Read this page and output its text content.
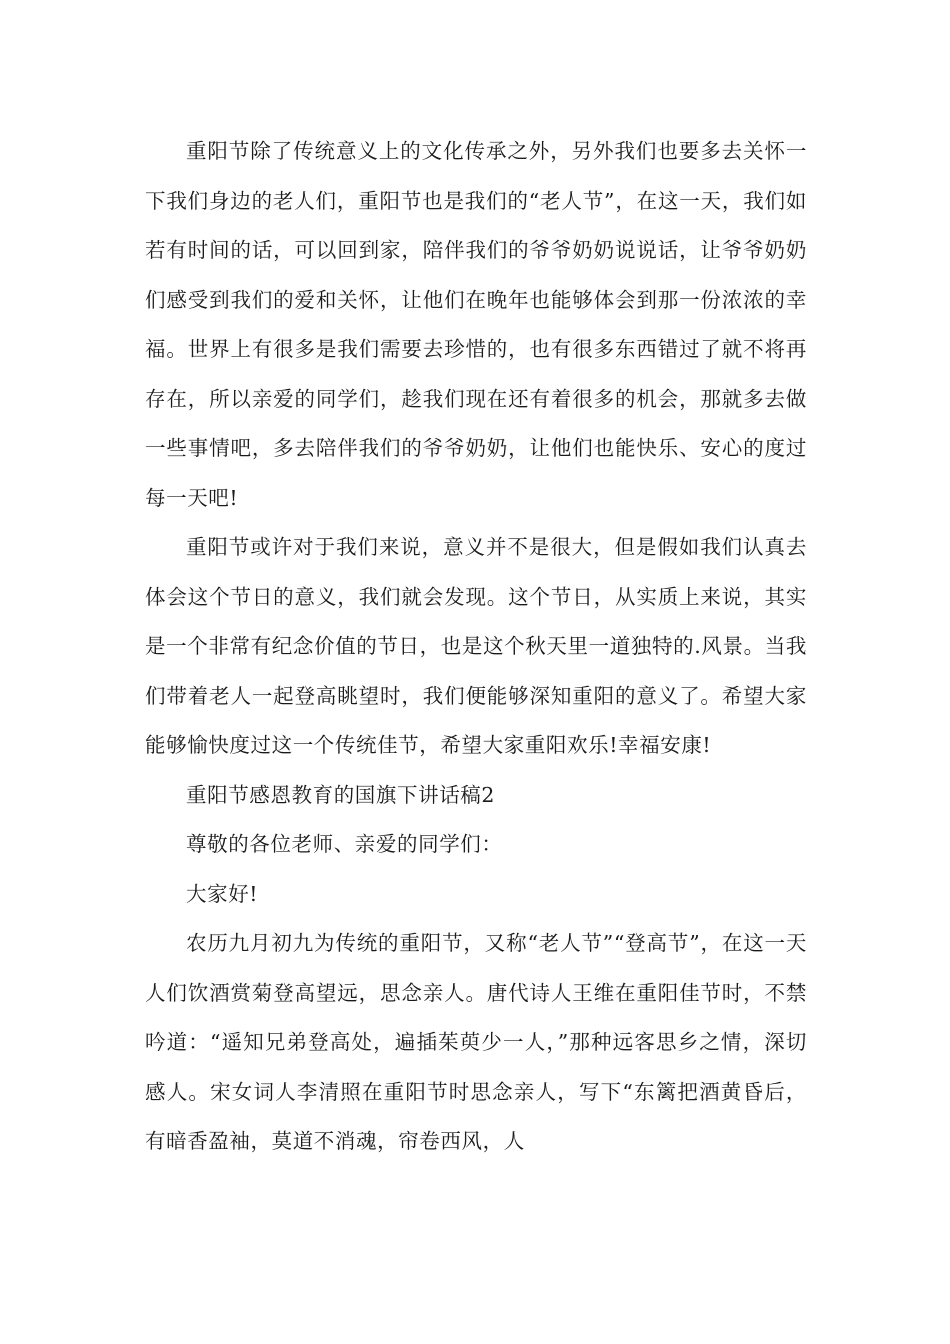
重阳节除了传统意义上的文化传承之外，另外我们也要多去关怀一下我们身边的老人们，重阳节也是我们的“老人节”，在这一天，我们如若有时间的话，可以回到家，陪伴我们的爷爷奶奶说说话，让爷爷奶奶们感受到我们的爱和关怀，让他们在晚年也能够体会到那一份浓浓的幸福。世界上有很多是我们需要去珍惜的，也有很多东西错过了就不将再存在，所以亲爱的同学们，趁我们现在还有着很多的机会，那就多去做一些事情吧，多去陪伴我们的爷爷奶奶，让他们也能快乐、安心的度过每一天吧!

重阳节或许对于我们来说，意义并不是很大，但是假如我们认真去体会这个节日的意义，我们就会发现。这个节日，从实质上来说，其实是一个非常有纪念价值的节日，也是这个秋天里一道独特的.风景。当我们带着老人一起登高眺望时，我们便能够深知重阳的意义了。希望大家能够愉快度过这一个传统佳节，希望大家重阳欢乐!幸福安康!

重阳节感恩教育的国旗下讲话稿2

尊敬的各位老师、亲爱的同学们：

大家好!

农历九月初九为传统的重阳节，又称“老人节”“登高节”，在这一天人们饮酒赏菊登高望远，思念亲人。唐代诗人王维在重阳佳节时，不禁吟道：“遥知兄弟登高处，遍插茱萸少一人，”那种远客思乡之情，深切感人。宋女词人李清照在重阳节时思念亲人，写下“东篱把酒黄昏后，有暗香盈袖，莫道不消魂，帘卷西风，人
